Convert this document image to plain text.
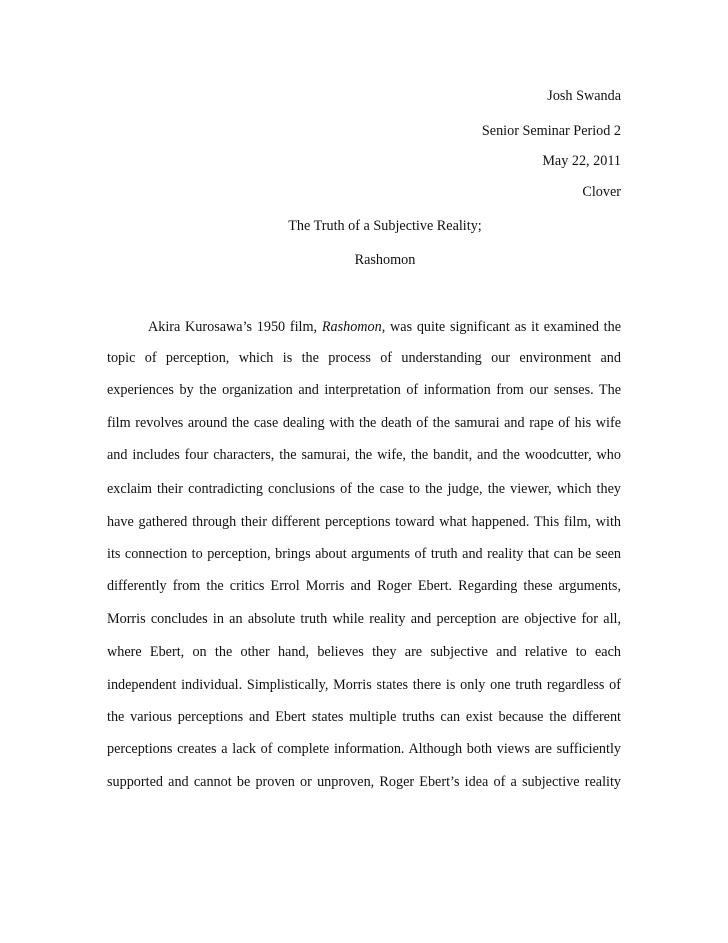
Josh Swanda
Senior Seminar Period 2
May 22, 2011
Clover
The Truth of a Subjective Reality;
Rashomon
Akira Kurosawa’s 1950 film, Rashomon, was quite significant as it examined the
topic of perception, which is the process of understanding our environment and
experiences by the organization and interpretation of information from our senses. The
film revolves around the case dealing with the death of the samurai and rape of his wife
and includes four characters, the samurai, the wife, the bandit, and the woodcutter, who
exclaim their contradicting conclusions of the case to the judge, the viewer, which they
have gathered through their different perceptions toward what happened. This film, with
its connection to perception, brings about arguments of truth and reality that can be seen
differently from the critics Errol Morris and Roger Ebert. Regarding these arguments,
Morris concludes in an absolute truth while reality and perception are objective for all,
where Ebert, on the other hand, believes they are subjective and relative to each
independent individual. Simplistically, Morris states there is only one truth regardless of
the various perceptions and Ebert states multiple truths can exist because the different
perceptions creates a lack of complete information. Although both views are sufficiently
supported and cannot be proven or unproven, Roger Ebert’s idea of a subjective reality
